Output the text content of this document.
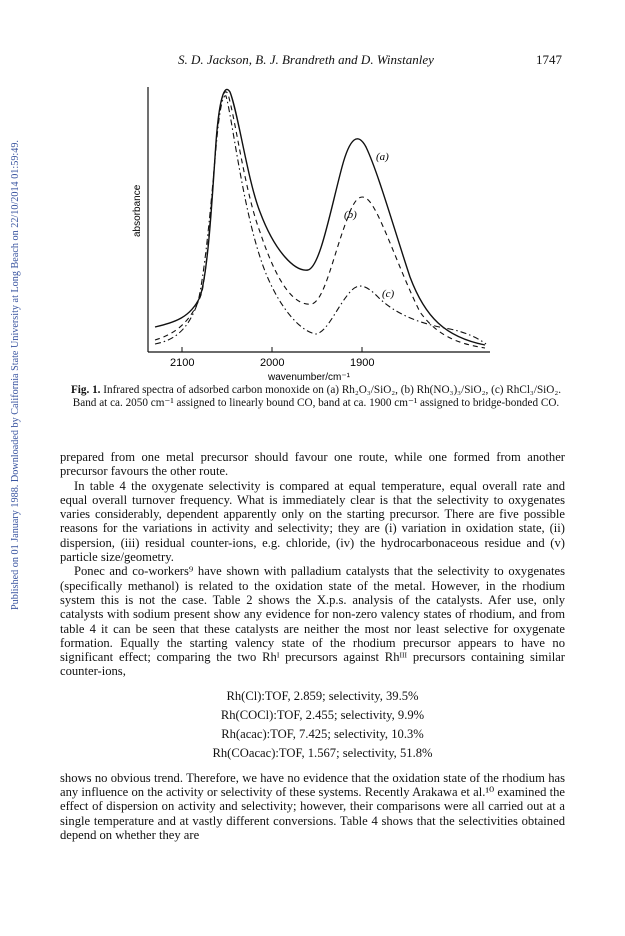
Published on 01 January 1988. Downloaded by California State University at Long Beach on 22/10/2014 01:59:49.
S. D. Jackson, B. J. Brandreth and D. Winstanley	1747
(a)
(b)
(c)
absorbance
2100	2000	1900
wavenumber/cm⁻¹
Fig. 1. Infrared spectra of adsorbed carbon monoxide on (a) Rh₂O₃/SiO₂, (b) Rh(NO₃)₃/SiO₂, (c) RhCl₃/SiO₂. Band at ca. 2050 cm⁻¹ assigned to linearly bound CO, band at ca. 1900 cm⁻¹ assigned to bridge-bonded CO.

prepared from one metal precursor should favour one route, while one formed from another precursor favours the other route.

In table 4 the oxygenate selectivity is compared at equal temperature, equal overall rate and equal overall turnover frequency. What is immediately clear is that the selectivity to oxygenates varies considerably, dependent apparently only on the starting precursor. There are five possible reasons for the variations in activity and selectivity; they are (i) variation in oxidation state, (ii) dispersion, (iii) residual counter-ions, e.g. chloride, (iv) the hydrocarbonaceous residue and (v) particle size/geometry.

Ponec and co-workers⁹ have shown with palladium catalysts that the selectivity to oxygenates (specifically methanol) is related to the oxidation state of the metal. However, in the rhodium system this is not the case. Table 2 shows the X.p.s. analysis of the catalysts. Afer use, only catalysts with sodium present show any evidence for non-zero valency states of rhodium, and from table 4 it can be seen that these catalysts are neither the most nor least selective for oxygenate formation. Equally the starting valency state of the rhodium precursor appears to have no significant effect; comparing the two Rhᴵ precursors against Rhᴵᴵᴵ precursors containing similar counter-ions,

Rh(Cl):TOF, 2.859; selectivity, 39.5%
Rh(COCl):TOF, 2.455; selectivity, 9.9%
Rh(acac):TOF, 7.425; selectivity, 10.3%
Rh(COacac):TOF, 1.567; selectivity, 51.8%

shows no obvious trend. Therefore, we have no evidence that the oxidation state of the rhodium has any influence on the activity or selectivity of these systems. Recently Arakawa et al.¹⁰ examined the effect of dispersion on activity and selectivity; however, their comparisons were all carried out at a single temperature and at vastly different conversions. Table 4 shows that the selectivities obtained depend on whether they are
